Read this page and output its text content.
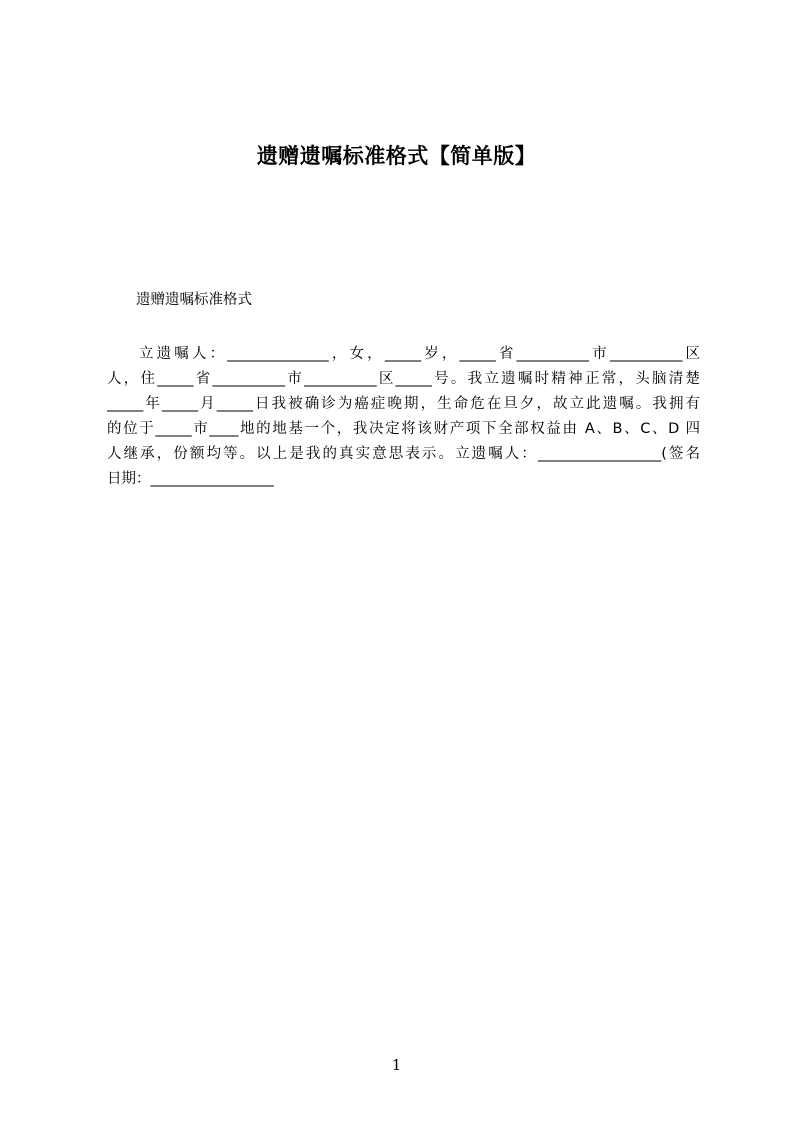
遗赠遗嘱标准格式【简单版】
遗赠遗嘱标准格式
立遗嘱人：______________，女，_____岁，_____省__________市__________区
人，住_____省__________市__________区_____号。我立遗嘱时精神正常，头脑清楚
_____年_____月_____日我被确诊为癌症晚期，生命危在旦夕，故立此遗嘱。我拥有
的位于_____市____地的地基一个，我决定将该财产项下全部权益由 A、B、C、D 四
人继承，份额均等。以上是我的真实意思表示。立遗嘱人：_________________(签名
日期：_________________
1
